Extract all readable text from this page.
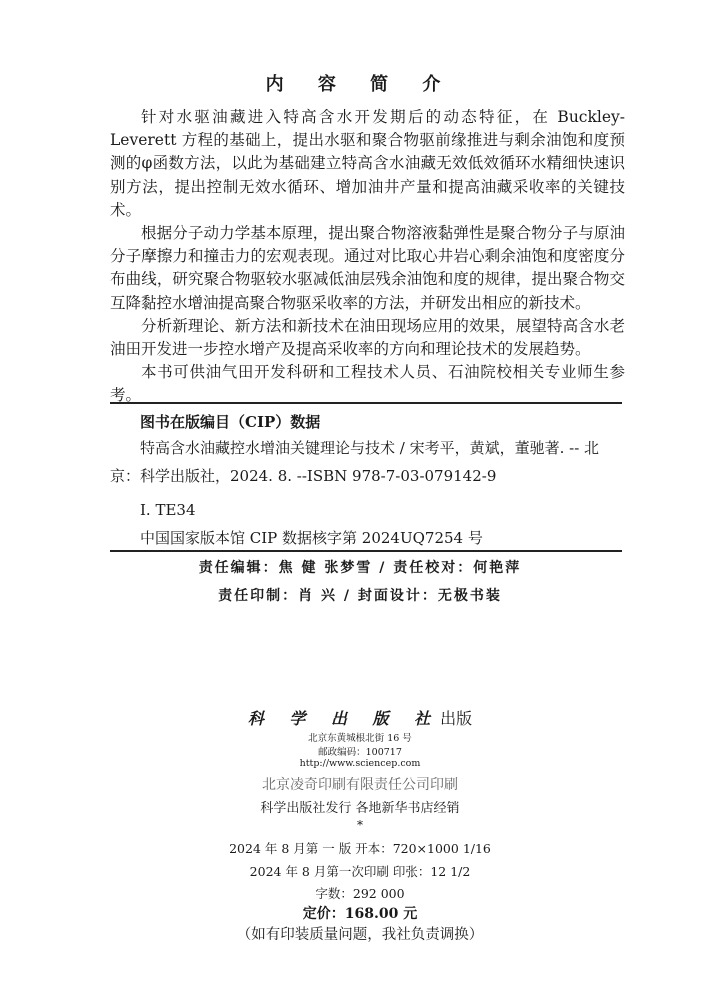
内 容 简 介

针对水驱油藏进入特高含水开发期后的动态特征，在 Buckley-Leverett 方程的基础上，提出水驱和聚合物驱前缘推进与剩余油饱和度预测的φ函数方法，以此为基础建立特高含水油藏无效低效循环水精细快速识别方法，提出控制无效水循环、增加油井产量和提高油藏采收率的关键技术。

根据分子动力学基本原理，提出聚合物溶液黏弹性是聚合物分子与原油分子摩擦力和撞击力的宏观表现。通过对比取心井岩心剩余油饱和度密度分布曲线，研究聚合物驱较水驱减低油层残余油饱和度的规律，提出聚合物交互降黏控水增油提高聚合物驱采收率的方法，并研发出相应的新技术。

分析新理论、新方法和新技术在油田现场应用的效果，展望特高含水老油田开发进一步控水增产及提高采收率的方向和理论技术的发展趋势。

本书可供油气田开发科研和工程技术人员、石油院校相关专业师生参考。

图书在版编目（CIP）数据
特高含水油藏控水增油关键理论与技术 / 宋考平，黄斌，董驰著. -- 北
京：科学出版社，2024. 8. --ISBN 978-7-03-079142-9
Ⅰ. TE34
中国国家版本馆 CIP 数据核字第 2024UQ7254 号
责任编辑：焦 健 张梦雪 / 责任校对：何艳萍
责任印制：肖 兴 / 封面设计：无极书装
科 学 出 版 社出版
北京东黄城根北街 16 号
邮政编码：100717
http://www.sciencep.com
北京凌奇印刷有限责任公司印刷
科学出版社发行 各地新华书店经销
*
2024 年 8 月第 一 版 开本：720×1000 1/16
2024 年 8 月第一次印刷 印张：12 1/2
字数：292 000
定价：168.00 元
（如有印装质量问题，我社负责调换）
